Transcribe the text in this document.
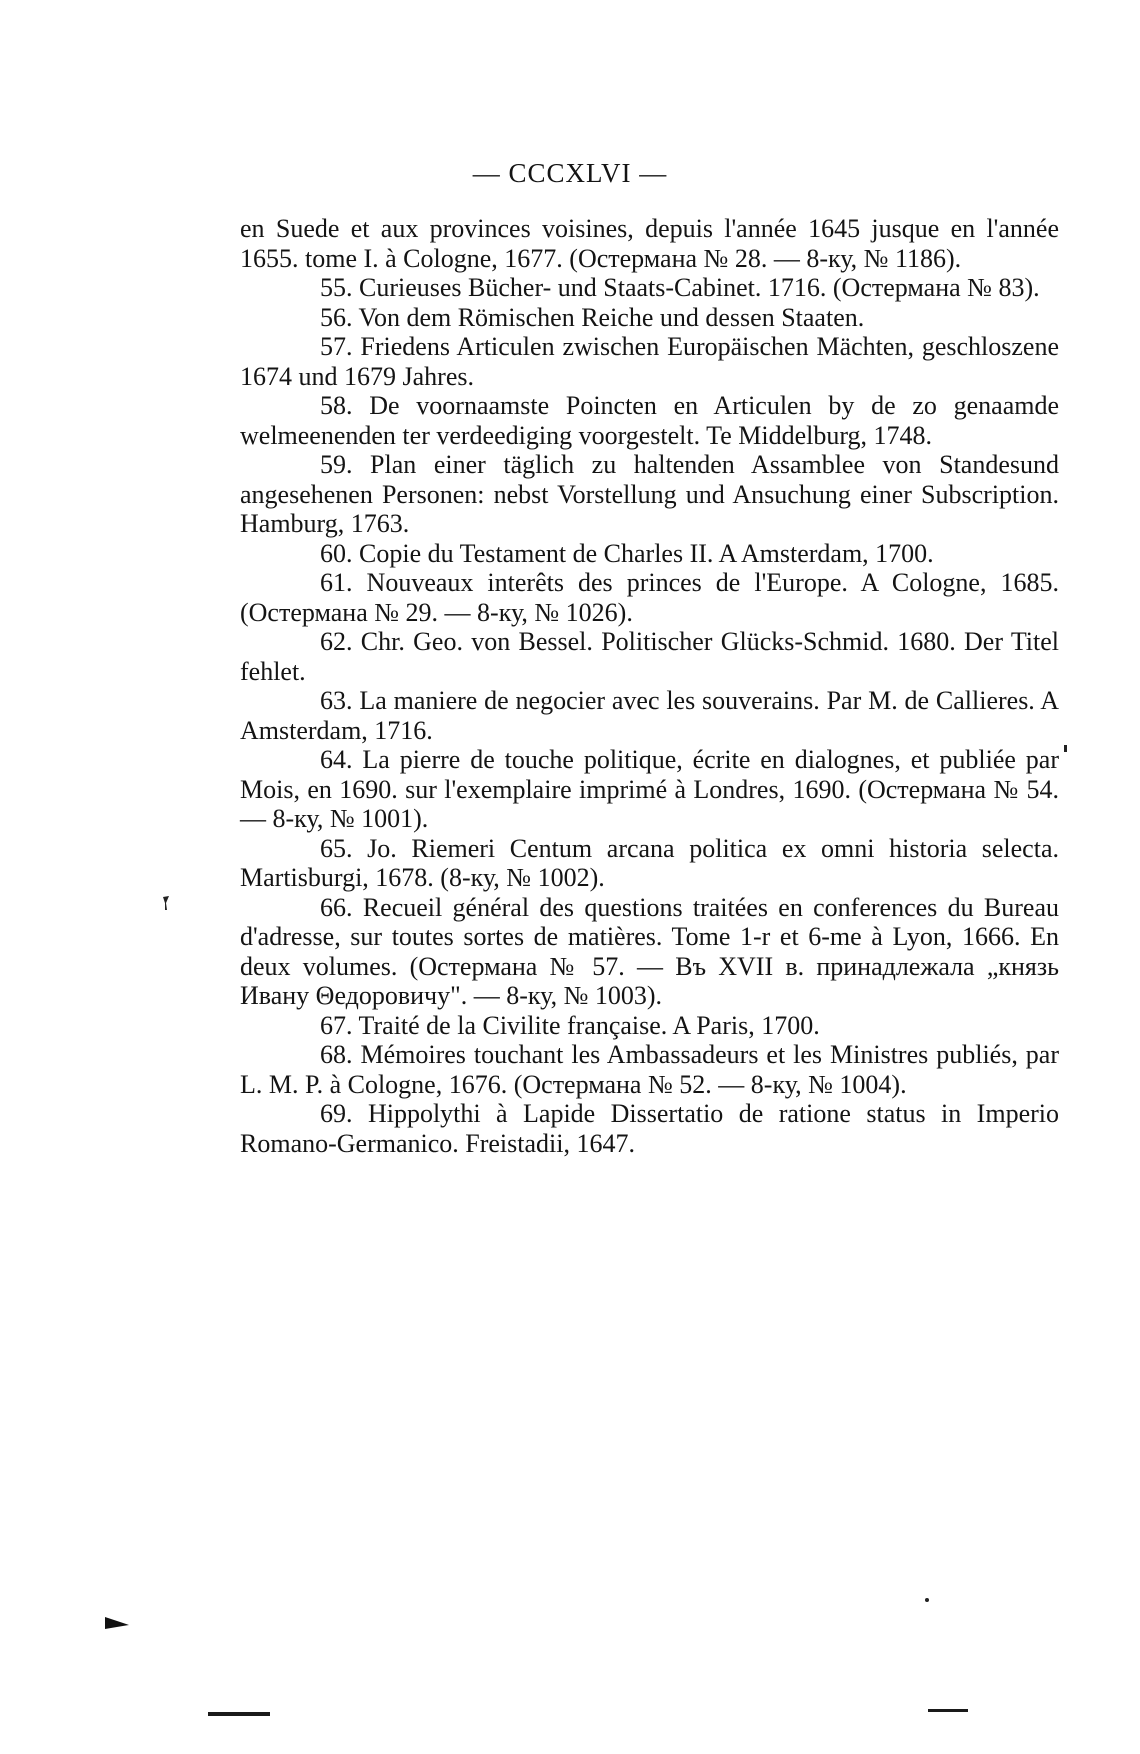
— CCCXLVI —

en Suede et aux provinces voisines, depuis l'année 1645 jusque en l'année 1655. tome I. à Cologne, 1677. (Остермана № 28. — 8-ку, № 1186).

55. Curieuses Bücher- und Staats-Cabinet. 1716. (Остермана № 83).

56. Von dem Römischen Reiche und dessen Staaten.

57. Friedens Articulen zwischen Europäischen Mächten, geschloszene 1674 und 1679 Jahres.

58. De voornaamste Poincten en Articulen by de zo genaamde welmeenenden ter verdeediging voorgestelt. Te Middelburg, 1748.

59. Plan einer täglich zu haltenden Assamblee von Standesund angesehenen Personen: nebst Vorstellung und Ansuchung einer Subscription. Hamburg, 1763.

60. Copie du Testament de Charles II. A Amsterdam, 1700.

61. Nouveaux interêts des princes de l'Europe. A Cologne, 1685. (Остермана № 29. — 8-ку, № 1026).

62. Chr. Geo. von Bessel. Politischer Glücks-Schmid. 1680. Der Titel fehlet.

63. La maniere de negocier avec les souverains. Par M. de Callieres. A Amsterdam, 1716.

64. La pierre de touche politique, écrite en dialognes, et publiée par Mois, en 1690. sur l'exemplaire imprimé à Londres, 1690. (Остермана № 54. — 8-ку, № 1001).

65. Jo. Riemeri Centum arcana politica ex omni historia selecta. Martisburgi, 1678. (8-ку, № 1002).

66. Recueil général des questions traitées en conferences du Bureau d'adresse, sur toutes sortes de matières. Tome 1-r et 6-me à Lyon, 1666. En deux volumes. (Остермана № 57. — Въ XVII в. принадлежала „князь Ивану Θедоровичу". — 8-ку, № 1003).

67. Traité de la Civilite française. A Paris, 1700.

68. Mémoires touchant les Ambassadeurs et les Ministres publiés, par L. M. P. à Cologne, 1676. (Остермана № 52. — 8-ку, № 1004).

69. Hippolythi à Lapide Dissertatio de ratione status in Imperio Romano-Germanico. Freistadii, 1647.
